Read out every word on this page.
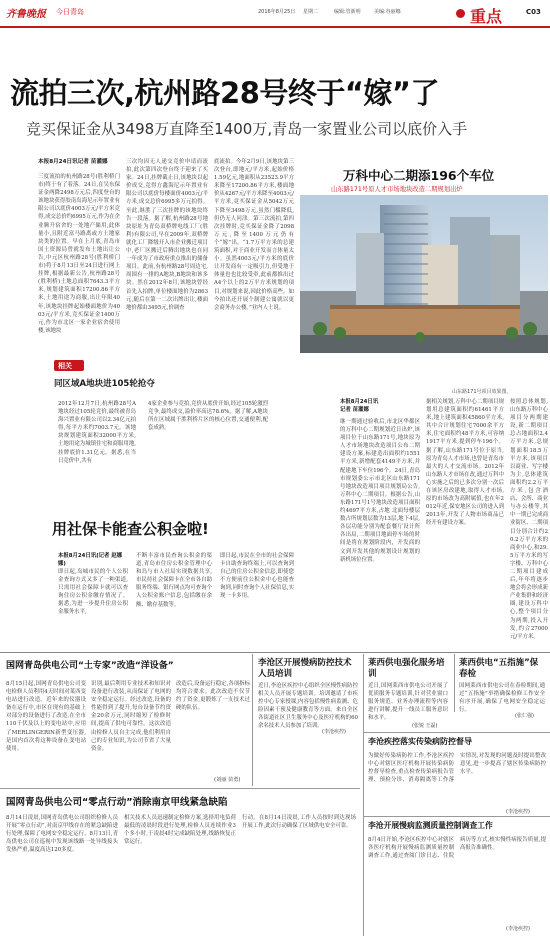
齐鲁晚报 今日青岛	2016年8月25日 星期二	编辑:管新明	美编:谷丽娜	重点	C03
流拍三次,杭州路28号终于“嫁”了
竞买保证金从3498万直降至1400万,青岛一家置业公司以底价入手
本报8月24日讯记者 苗灌娜
三度流拍的杭州路28号(胜利桥门市)终于有了着落。24日,在吴东保证金两降2498万元后,四度登台的该地块获得胶南岛海尼示年置业有限公司以底价4003万元/平方米竞得,成交总价约6995万元,作为在企业腾升宿舍的一处地产储用,此体量小,且附近富马路离或方土地家块类的位置。早在上月底,青岛市国土资源局曾就发布土地出让公告,中元区杭州路28号(胜利桥门市)将于8月13日至24日进行网上挂牌,根据最新公告,杭州路28号(胜利桥)土地总面积7643.3平方米,规划建筑面积17200.86平方米,土地用途为商服,出让年限40年,该地块挂牌起始楼面地价为4003元/平方米,竞买保证金1400万元,作为市北区一家企业宿舍使用楼,该地块
三次均因无人递交竞价申请而流拍,此次第四次登台终于迎来了买家。24日,挂牌截止日,该地块以起价成交,竞得方鑫海尼示年置业有限公司以底价每楼面价4003元/平方米,成交总价6995多万元拍得。至此,继胜了三次挂牌的该地块终告一段落。据了解,杭州路28号地块原址为青岛双桥牌电线工厂(胜利)有限公司,早在2009年,双桥牌就化工厂降级开入市企业搬迁项目中,老厂区搬迁后腾出地块也在同一年成为了市政府重点推出的储备项目。此前,有杭州路28号周边宅,周围有一排的A地块,B地块和该多块。然在2012年8月,该地块曾经首先入拍牌,单位楼面地价为2863元,随后在第一二次出牌出让,楼面地价都由3495元,价调查
底流拍。今年2月9日,该地块第三次登台,即地元/平方米,起始价格1.59亿元,地面积从23523.9平方米降至17200.86平方米,楼面地价从4267元/平方米降至4003元/平方米,竟买保证金从5042万元下降至3498万元,虽然门槛降低,但仍无人问津。第三次流拍,第四次挂牌时,竞买保证金降了2098万元,降至1400万元仍有个“嫁”出。“1.7万平方米的总建筑面积,对于商业开发而言体量太小。虽然4003元/平方米的底价让开发商有一定吸引力,但受地于体量也也比较受牵,此前都推出过A4个以上的2万平方米规划的项目,对规划来说,因此价格高些。如今拍出还开展个制建公寓就以更会商务办公楼。”业内人士说。
万科中心二期添196个车位
山东路171号原人才市场地块改造二期规划出炉
山东路171号项目效果图。
本报8月24日讯记者 苗灌娜
继一期通过验收后,市北区华都区的万科中心二期规划近日出炉,该项目位于山东路171号,地块原为人才市场地块改造项目公布二期建设方案,标建造出面积约1551平方米,新增配套4149平方米,并配建地下车位196个。24日,青岛市规划委公示市北区山东路171号地块改造项目项目规划局公告,万科中心二期项目。根据公告,山东路171号1号地块改造项目面积约4697平方米,占地 北面每楼层数占所规划层数为13层,地下4层,各层功能分别为配套餐厅设计所各出局,二期项目地面停车场的时间是将在规划阶段内，开发商的文到开发其他的规划设计规划的新机场位位置。
据相关规划,万科中心二期项目规划用总建筑面积约61461平方米,地上建筑面积45860平方米,其中合计规划住宅7000余平方米,住宅面积约48平方米,可容纳1917平方米,提到停车196个。据了解,山东路171号位于原当,原为青岛人才市场,也曾是青岛市最大的人才交流市场。2012年山东路人才市场在改,通过万科中心实施之后的已多次分别一次后在该区房改建地,取得人才市场,原的市场改为高附属值,也在年2012年近,保安地区公司的进入到2013年,开发了人物市场商品已经开有建设方案。
按照总体规划,山东路万科中心项目分两期建设,新二期项目总占地面积2.4万平方米,总规划面积18.5万平方米,该项目以商业、写字楼为主,总体建筑面积约2.2万平方米,包含酒店、会所、商业与办公楼等,其中一期已完成商业街区、二期项目分别合计约20.2万平方米的商业中心,和29.5万平方米的写字楼、万科中心二期项目建成后,年年将逐步地会将会形成新产业集群和经济圈,建设万科中心,整个项目分为两期,投入开发,约合27000元/平方米。
相关
同区域A地块进105轮抢夺
2012年12月7日,杭州路28号A地块经过105轮竞价,最终被青岛海兴置业有限公司以2.34亿元拍得,每平方米约7003.7元。该地块规划建筑面积32000平方米,土地用途为城镇住宅和商服用地,挂牌底价1.31亿元。据悉,在当日竞价中,共有
4家企业参与竞拍,竞价从底价开始,经过105轮激烈竞争,最终成交,溢价率高达78.6%。据了解,A地块所在区域属于胜利桥片区的核心位置,交通便利,配套成熟。
用社保卡能查公积金啦!
本报8月24日讯(记者 赵娜娜)
即日起,岛城市民的个人公积金查询方式又多了一种渠道,只需用社会保障卡就可以查询住房公积金缴存情况了。据悉,为进一步提升住房公积金服务水平,
不断丰富市民查询公积金的渠道,青岛市住房公积金管理中心和岛与市人社局实现数据共享,市民持社会保障卡在全市各自助服务终端、银行网点均可查询个人公积金账户信息,包括缴存余额、缴存基数等。
即日起,市民在全市的社会保障卡自助查询终端上,可以查询到自己的住房公积金信息,即使您不方便前往公积金中心也能查询到,同时查询个人社保信息,实现一卡多用。
国网青岛供电公司“土专家”改造“洋设备”
8月15日起,国网青岛供电公司变电检修人员利用4天时间对莱西变电站进行改造。近年来的仪器设备在运行中,市区在现有的基础上对部分的设备进行了改造,在全市110千伏及以上的变电站中,应用了MERLINGERIN新型变压器,是国内首次将这种设备在变电站使用。
识别,最后利用专业技术和知识对设备进行改装,从而保证了电网的安全稳定运行。经过改造,设备的性能得到了提升,每台设备节约资金20余万元,同时缩短了检修时间,提高了供电可靠性。这次改造由检修人员自主完成,他们利用自己的专业知识,为公司节省了大量资金。
改造后,设备运行稳定,各项指标均符合要求。此次改造不仅节约了资金,更锻炼了一支技术过硬的队伍。
(刘丽 苗勇)
李沧区开展慢病防控技术人员培训
近日,李沧区疾控中心组织全区慢性病防控相关人员开展专题培训。培训邀请了市疾控中心专家授课,内容包括慢性病监测、危险因素干预及健康教育等方面。来自全区各街道社区卫生服务中心及医疗机构的60余名技术人员参加了培训。
(李沧疾控)
莱西供电强化服务培训
近日,国网莱西市供电公司开展了优质服务专题培训,针对营业窗口服务规范、业务办理流程等内容进行讲解,提升一线员工服务意识和水平。
(张锐 王磊)
莱西供电“五指施”保春检
国网莱西市供电公司在春检期间,通过“五指施”举措确保检修工作安全有序开展,确保了电网安全稳定运行。
(张仁强)
李沧疾控落实传染病防控督导
为做好传染病防控工作,李沧区疾控中心对辖区医疗机构开展传染病防控督导检查,重点检查传染病报告管理、预检分诊、消毒隔离等工作落实情况,对发现的问题及时提出整改意见,进一步提高了辖区传染病防控水平。
(李沧疾控)
李沧开展慢病监测质量控制调查工作
8月4日开始,李沧区疾控中心对辖区各医疗机构开展慢病监测质量控制调查工作,通过查阅门诊日志、住院病历等方式,核实慢性病报告质量,提高报告准确性。
(李沧疾控)
国网青岛供电公司“零点行动”消除南京甲线紧急缺陷
8月14日凌晨,国网青岛供电公司组织检修人员开展“零点行动”,对南京甲线存在的紧急缺陷进行处理,保障了电网安全稳定运行。8月13日,青岛供电公司在巡视中发现该线路一处导线接头发热严重,温度高达120多度。
相关技术人员迅速制定检修方案,选择用电负荷最低的凌晨时段进行处理,检修人员连续作业3个多小时,于凌晨4时完成缺陷处理,线路恢复正常运行。
行动。在8月14日凌晨,工作人员按时到达现场开展工作,此次行动确保了区域供电安全可靠。
